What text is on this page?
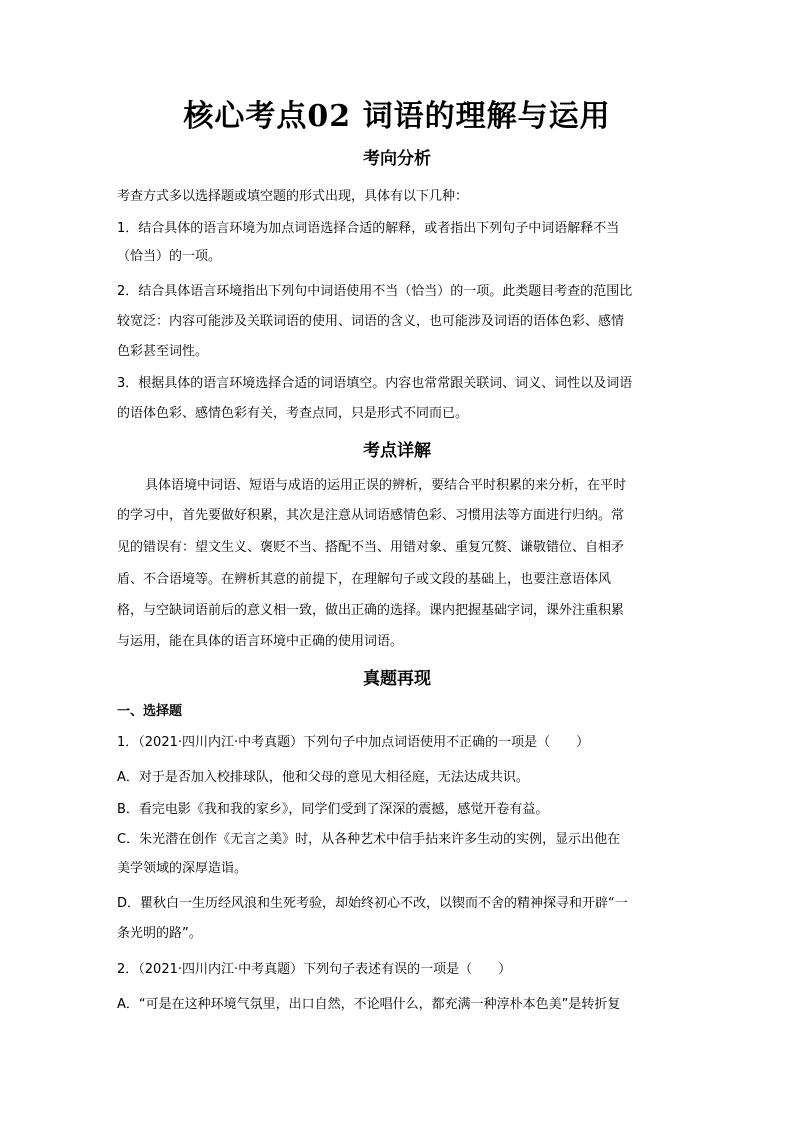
核心考点02 词语的理解与运用
考向分析
考查方式多以选择题或填空题的形式出现，具体有以下几种：
1．结合具体的语言环境为加点词语选择合适的解释，或者指出下列句子中词语解释不当
（恰当）的一项。
2．结合具体语言环境指出下列句中词语使用不当（恰当）的一项。此类题目考查的范围比
较宽泛：内容可能涉及关联词语的使用、词语的含义，也可能涉及词语的语体色彩、感情
色彩甚至词性。
3．根据具体的语言环境选择合适的词语填空。内容也常常跟关联词、词义、词性以及词语
的语体色彩、感情色彩有关，考查点同，只是形式不同而已。
考点详解
具体语境中词语、短语与成语的运用正误的辨析，要结合平时积累的来分析，在平时
的学习中，首先要做好积累，其次是注意从词语感情色彩、习惯用法等方面进行归纳。常
见的错误有：望文生义、褒贬不当、搭配不当、用错对象、重复冗赘、谦敬错位、自相矛
盾、不合语境等。在辨析其意的前提下，在理解句子或文段的基础上，也要注意语体风
格，与空缺词语前后的意义相一致，做出正确的选择。课内把握基础字词，课外注重积累
与运用，能在具体的语言环境中正确的使用词语。
真题再现
一、选择题
1．（2021·四川内江·中考真题）下列句子中加点词语使用不正确的一项是（　　）
A．对于是否加入校排球队，他和父母的意见大相径庭，无法达成共识。
B．看完电影《我和我的家乡》，同学们受到了深深的震撼，感觉开卷有益。
C．朱光潜在创作《无言之美》时，从各种艺术中信手拈来许多生动的实例，显示出他在
美学领域的深厚造诣。
D．瞿秋白一生历经风浪和生死考验，却始终初心不改，以锲而不舍的精神探寻和开辟“一
条光明的路”。
2．（2021·四川内江·中考真题）下列句子表述有误的一项是（　　）
A．“可是在这种环境气氛里，出口自然，不论唱什么，都充满一种淳朴本色美”是转折复
